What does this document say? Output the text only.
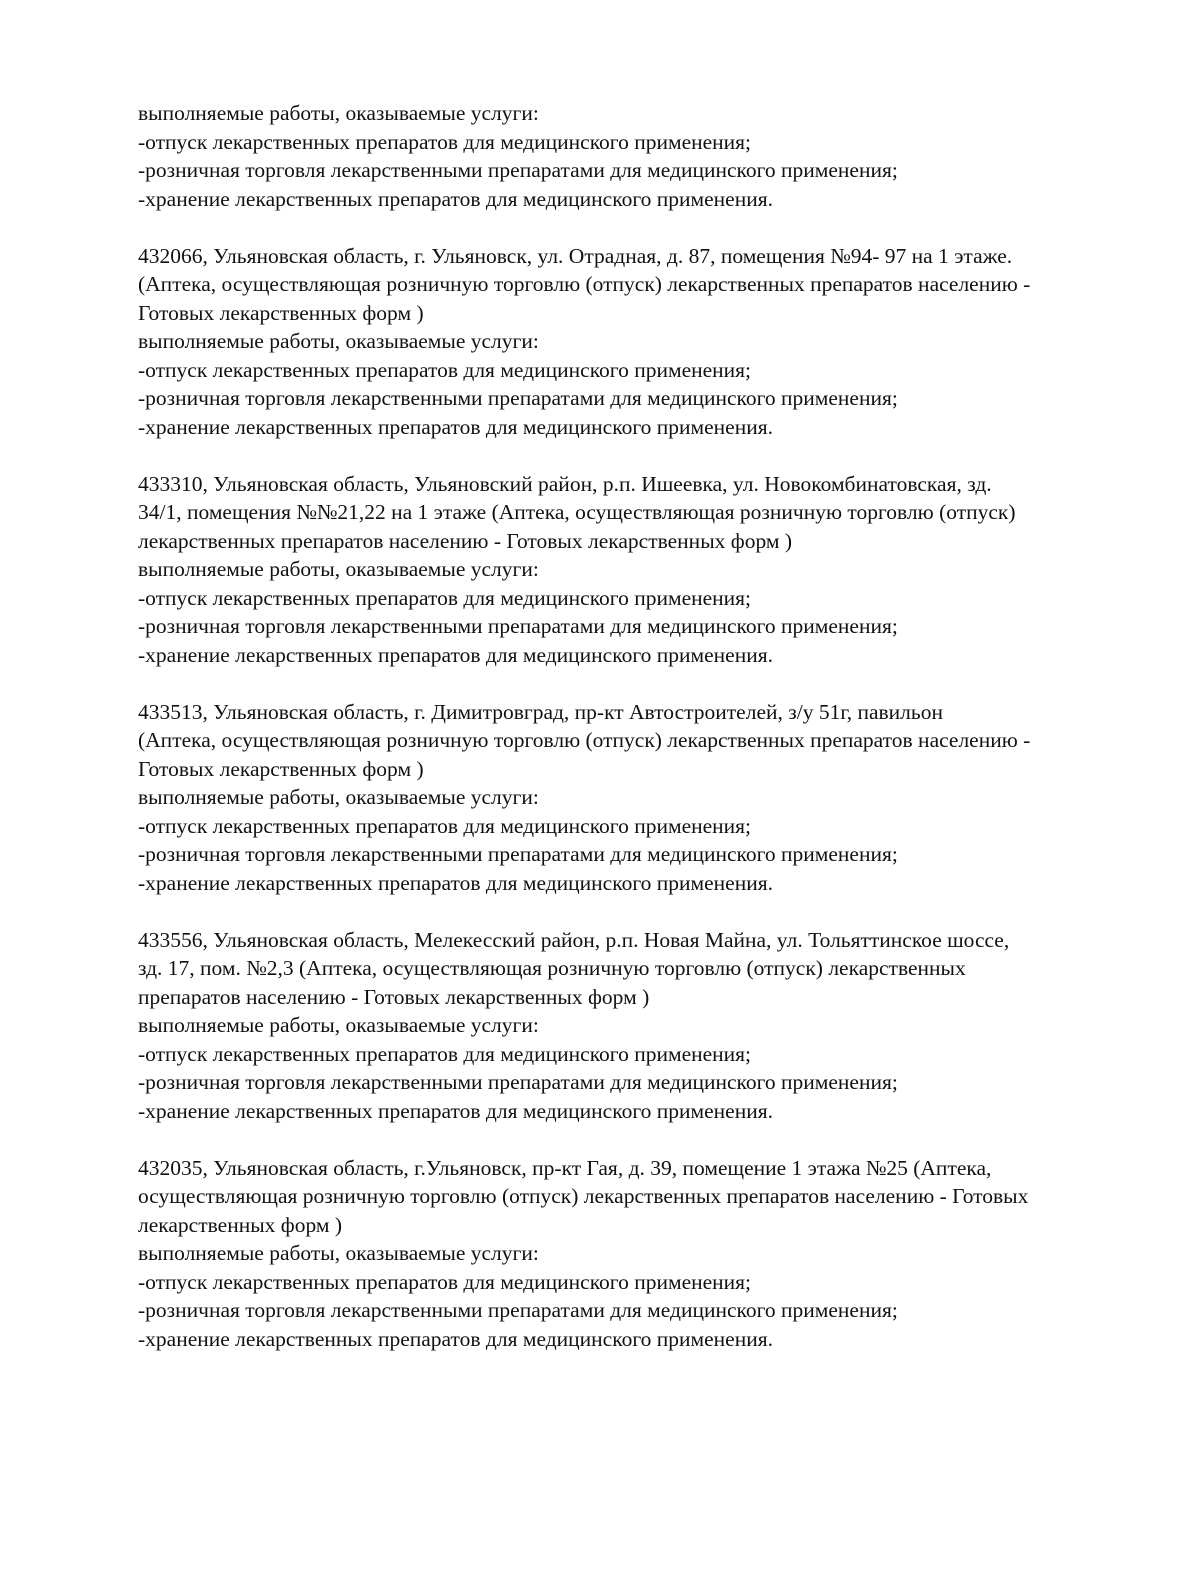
выполняемые работы, оказываемые услуги:
-отпуск лекарственных препаратов для медицинского применения;
-розничная торговля лекарственными препаратами для медицинского применения;
-хранение лекарственных препаратов для медицинского применения.
432066, Ульяновская область, г. Ульяновск, ул. Отрадная, д. 87, помещения №94- 97 на 1 этаже.
(Аптека, осуществляющая розничную торговлю (отпуск) лекарственных препаратов населению -
Готовых лекарственных форм )
выполняемые работы, оказываемые услуги:
-отпуск лекарственных препаратов для медицинского применения;
-розничная торговля лекарственными препаратами для медицинского применения;
-хранение лекарственных препаратов для медицинского применения.
433310, Ульяновская область, Ульяновский район, р.п. Ишеевка, ул. Новокомбинатовская, зд.
34/1, помещения №№21,22 на 1 этаже (Аптека, осуществляющая розничную торговлю (отпуск)
лекарственных препаратов населению - Готовых лекарственных форм )
выполняемые работы, оказываемые услуги:
-отпуск лекарственных препаратов для медицинского применения;
-розничная торговля лекарственными препаратами для медицинского применения;
-хранение лекарственных препаратов для медицинского применения.
433513, Ульяновская область, г. Димитровград, пр-кт Автостроителей, з/у 51г, павильон
(Аптека, осуществляющая розничную торговлю (отпуск) лекарственных препаратов населению -
Готовых лекарственных форм )
выполняемые работы, оказываемые услуги:
-отпуск лекарственных препаратов для медицинского применения;
-розничная торговля лекарственными препаратами для медицинского применения;
-хранение лекарственных препаратов для медицинского применения.
433556, Ульяновская область, Мелекесский район, р.п. Новая Майна, ул. Тольяттинское шоссе,
зд. 17, пом. №2,3 (Аптека, осуществляющая розничную торговлю (отпуск) лекарственных
препаратов населению - Готовых лекарственных форм )
выполняемые работы, оказываемые услуги:
-отпуск лекарственных препаратов для медицинского применения;
-розничная торговля лекарственными препаратами для медицинского применения;
-хранение лекарственных препаратов для медицинского применения.
432035, Ульяновская область, г.Ульяновск, пр-кт Гая, д. 39, помещение 1 этажа №25 (Аптека,
осуществляющая розничную торговлю (отпуск) лекарственных препаратов населению - Готовых
лекарственных форм )
выполняемые работы, оказываемые услуги:
-отпуск лекарственных препаратов для медицинского применения;
-розничная торговля лекарственными препаратами для медицинского применения;
-хранение лекарственных препаратов для медицинского применения.
